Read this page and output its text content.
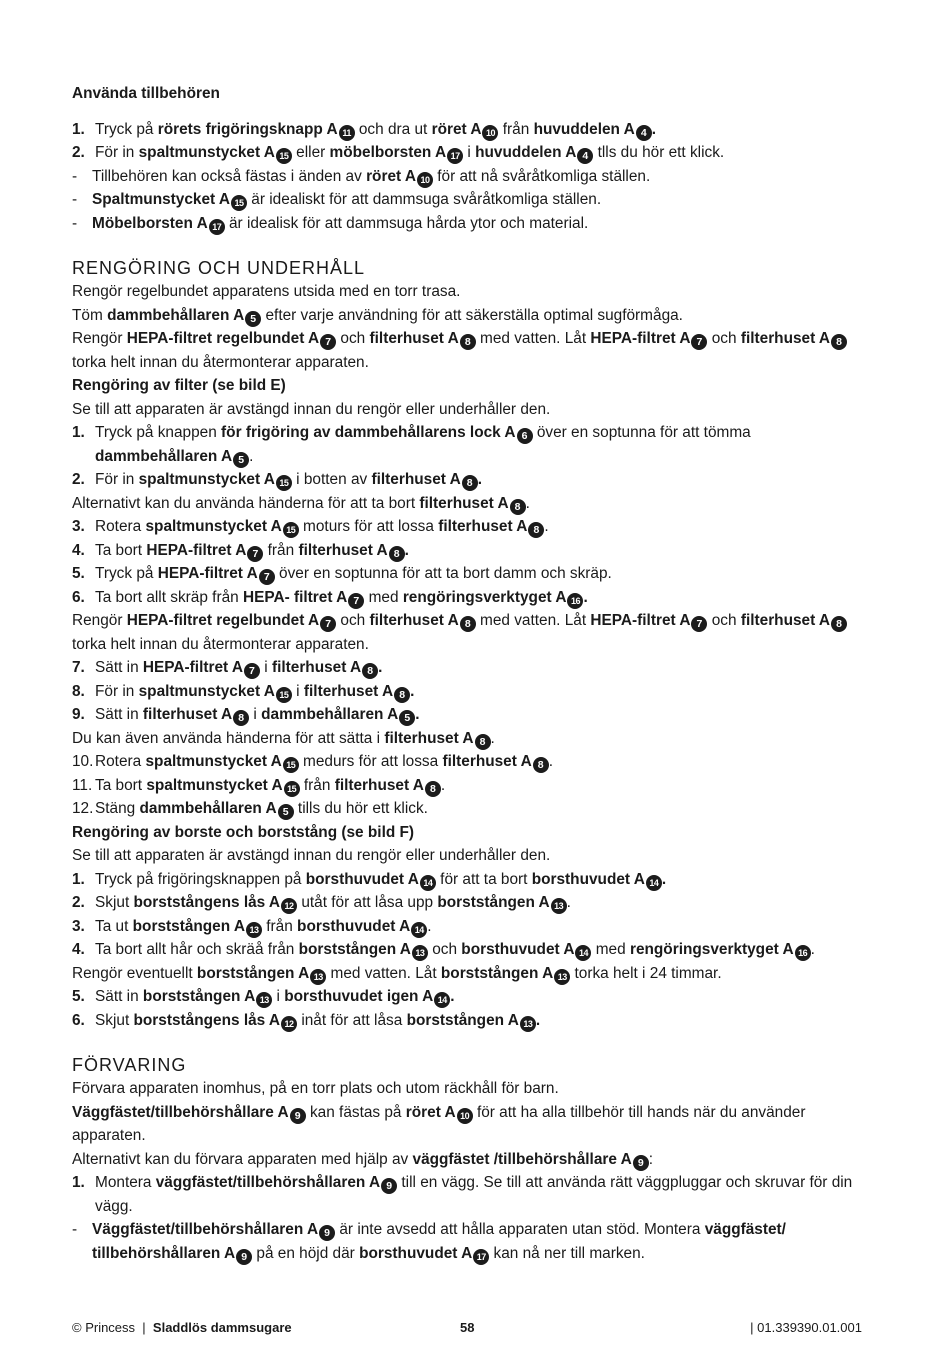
Använda tillbehören
1. Tryck på rörets frigöringsknapp A 11 och dra ut röret A 10 från huvuddelen A 4 .
2. För in spaltmunstycket A 15 eller möbelborsten A 17 i huvuddelen A 4 tlls du hör ett klick.
- Tillbehören kan också fästas i änden av röret A 10 för att nå svåråtkomliga ställen.
- Spaltmunstycket A 15 är idealiskt för att dammsuga svåråtkomliga ställen.
- Möbelborsten A 17 är idealisk för att dammsuga hårda ytor och material.
RENGÖRING OCH UNDERHÅLL
Rengör regelbundet apparatens utsida med en torr trasa.
Töm dammbehållaren A 5 efter varje användning för att säkerställa optimal sugförmåga.
Rengör HEPA-filtret regelbundet A 7 och filterhuset A 8 med vatten. Låt HEPA-filtret A 7 och filterhuset A 8 torka helt innan du återmonterar apparaten.
Rengöring av filter (se bild E)
Se till att apparaten är avstängd innan du rengör eller underhåller den.
1. Tryck på knappen för frigöring av dammbehållarens lock A 6 över en soptunna för att tömma dammbehållaren A 5 .
2. För in spaltmunstycket A 15 i botten av filterhuset A 8 .
Alternativt kan du använda händerna för att ta bort filterhuset A 8 .
3. Rotera spaltmunstycket A 15 moturs för att lossa filterhuset A 8 .
4. Ta bort HEPA-filtret A 7 från filterhuset A 8 .
5. Tryck på HEPA-filtret A 7 över en soptunna för att ta bort damm och skräp.
6. Ta bort allt skräp från HEPA- filtret A 7 med rengöringsverktyget A 16 .
Rengör HEPA-filtret regelbundet A 7 och filterhuset A 8 med vatten. Låt HEPA-filtret A 7 och filterhuset A 8 torka helt innan du återmonterar apparaten.
7. Sätt in HEPA-filtret A 7 i filterhuset A 8 .
8. För in spaltmunstycket A 15 i filterhuset A 8 .
9. Sätt in filterhuset A 8 i dammbehållaren A 5 .
Du kan även använda händerna för att sätta i filterhuset A 8 .
10. Rotera spaltmunstycket A 15 medurs för att lossa filterhuset A 8 .
11. Ta bort spaltmunstycket A 15 från filterhuset A 8 .
12. Stäng dammbehållaren A 5 tills du hör ett klick.
Rengöring av borste och borststång (se bild F)
Se till att apparaten är avstängd innan du rengör eller underhåller den.
1. Tryck på frigöringsknappen på borsthuvudet A 14 för att ta bort borsthuvudet A 14 .
2. Skjut borststångens lås A 12 utåt för att låsa upp borststången A 13 .
3. Ta ut borststången A 13 från borsthuvudet A 14 .
4. Ta bort allt hår och skräå från borststången A 13 och borsthuvudet A 14 med rengöringsverktyget A 16 .
Rengör eventuellt borststången A 13 med vatten. Låt borststången A 13 torka helt i 24 timmar.
5. Sätt in borststången A 13 i borsthuvudet igen A 14 .
6. Skjut borststångens lås A 12 inåt för att låsa borststången A 13 .
FÖRVARING
Förvara apparaten inomhus, på en torr plats och utom räckhåll för barn.
Väggfästet/tillbehörshållare A 9 kan fästas på röret A 10 för att ha alla tillbehör till hands när du använder apparaten.
Alternativt kan du förvara apparaten med hjälp av väggfästet /tillbehörshållare A 9 :
1. Montera väggfästet/tillbehörshållaren A 9 till en vägg. Se till att använda rätt väggpluggar och skruvar för din vägg.
- Väggfästet/tillbehörshållaren A 9 är inte avsedd att hålla apparaten utan stöd. Montera väggfästet/ tillbehörshållaren A 9 på en höjd där borsthuvudet A 17 kan nå ner till marken.
© Princess | Sladdlös dammsugare	58	| 01.339390.01.001
